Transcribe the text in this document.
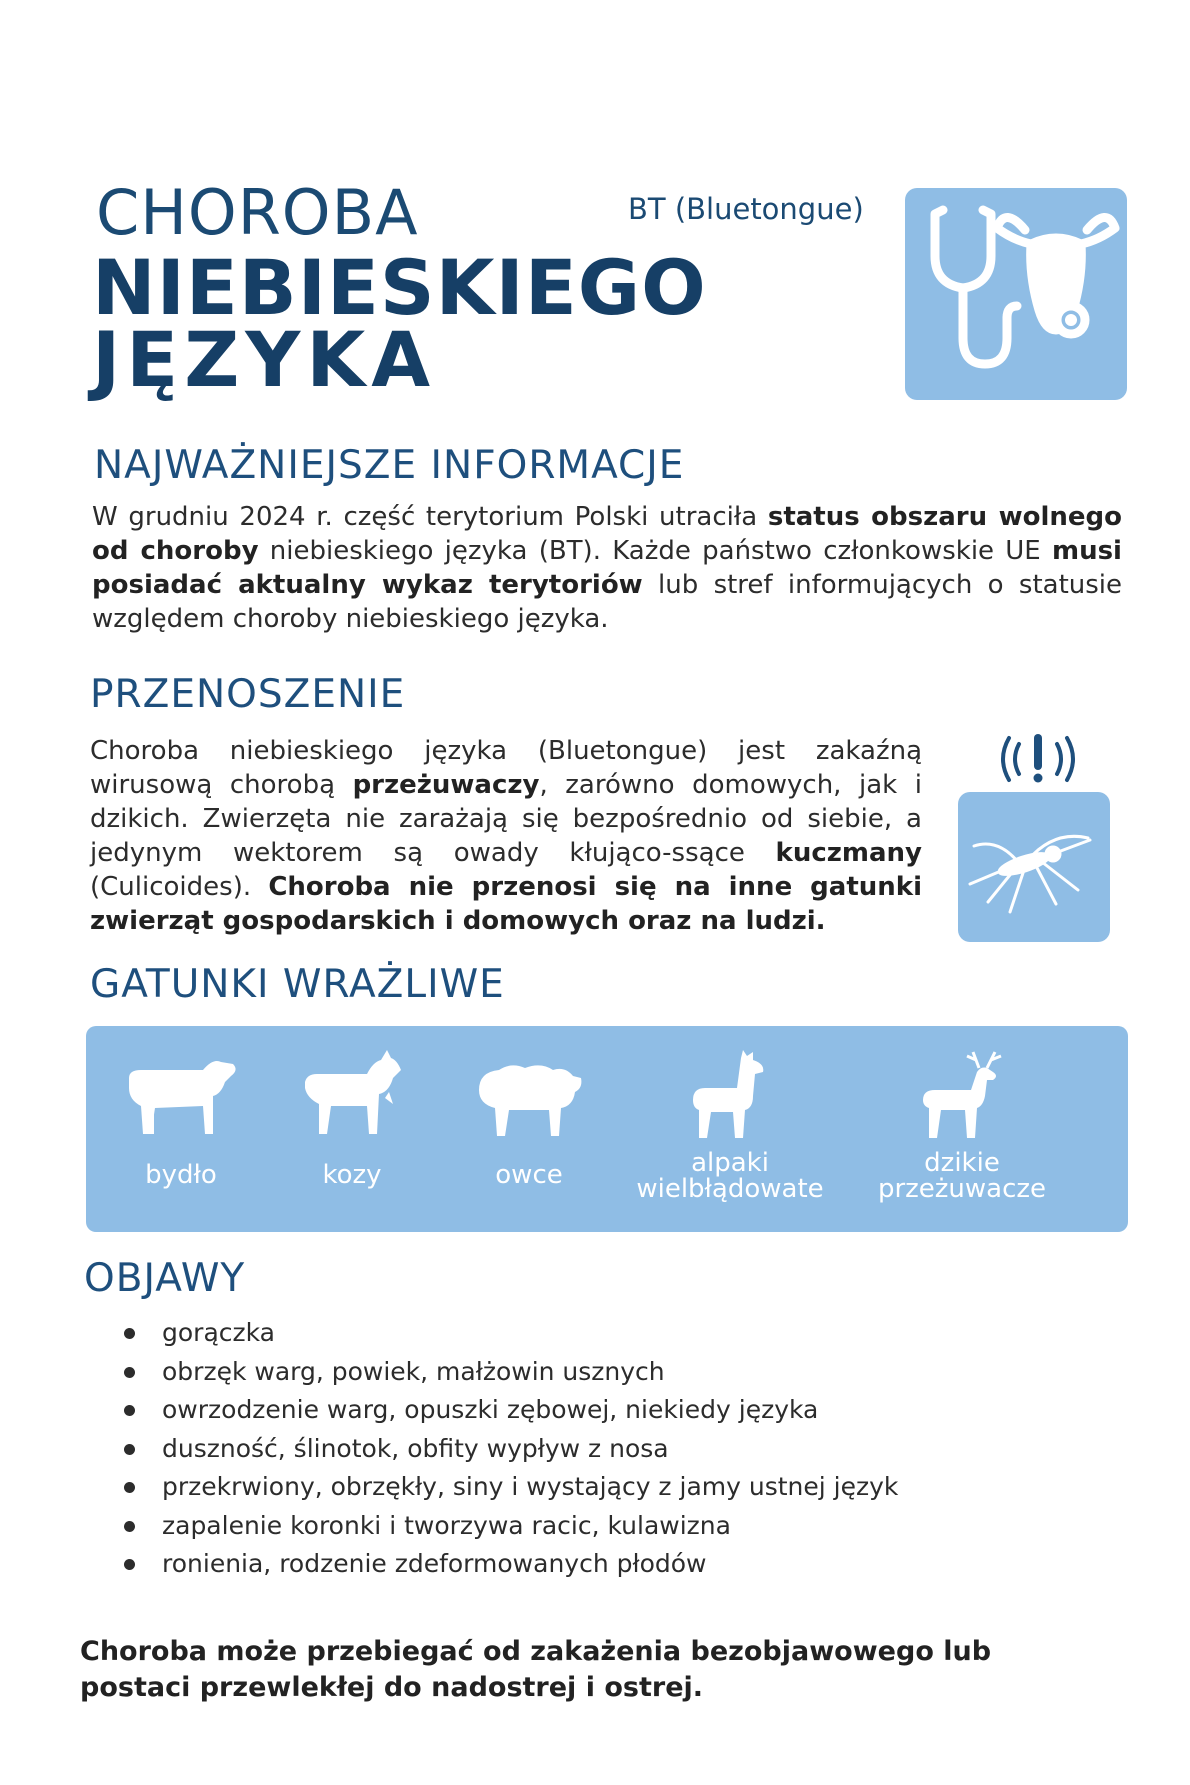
CHOROBA
NIEBIESKIEGO
JĘZYKA
BT (Bluetongue)
NAJWAŻNIEJSZE INFORMACJE
W grudniu 2024 r. część terytorium Polski utraciła status obszaru wolnego od choroby niebieskiego języka (BT). Każde państwo członkowskie UE musi posiadać aktualny wykaz terytoriów lub stref informujących o statusie względem choroby niebieskiego języka.
PRZENOSZENIE
Choroba niebieskiego języka (Bluetongue) jest zakaźną wirusową chorobą przeżuwaczy, zarówno domowych, jak i dzikich. Zwierzęta nie zarażają się bezpośrednio od siebie, a jedynym wektorem są owady kłująco-ssące kuczmany (Culicoides). Choroba nie przenosi się na inne gatunki zwierząt gospodarskich i domowych oraz na ludzi.
GATUNKI WRAŻLIWE
bydło	kozy	owce	alpaki
wielbłądowate
dzikie
przeżuwacze
OBJAWY
gorączka
obrzęk warg, powiek, małżowin usznych
owrzodzenie warg, opuszki zębowej, niekiedy języka
duszność, ślinotok, obfity wypływ z nosa
przekrwiony, obrzękły, siny i wystający z jamy ustnej język
zapalenie koronki i tworzywa racic, kulawizna
ronienia, rodzenie zdeformowanych płodów
Choroba może przebiegać od zakażenia bezobjawowego lub postaci przewlekłej do nadostrej i ostrej.
